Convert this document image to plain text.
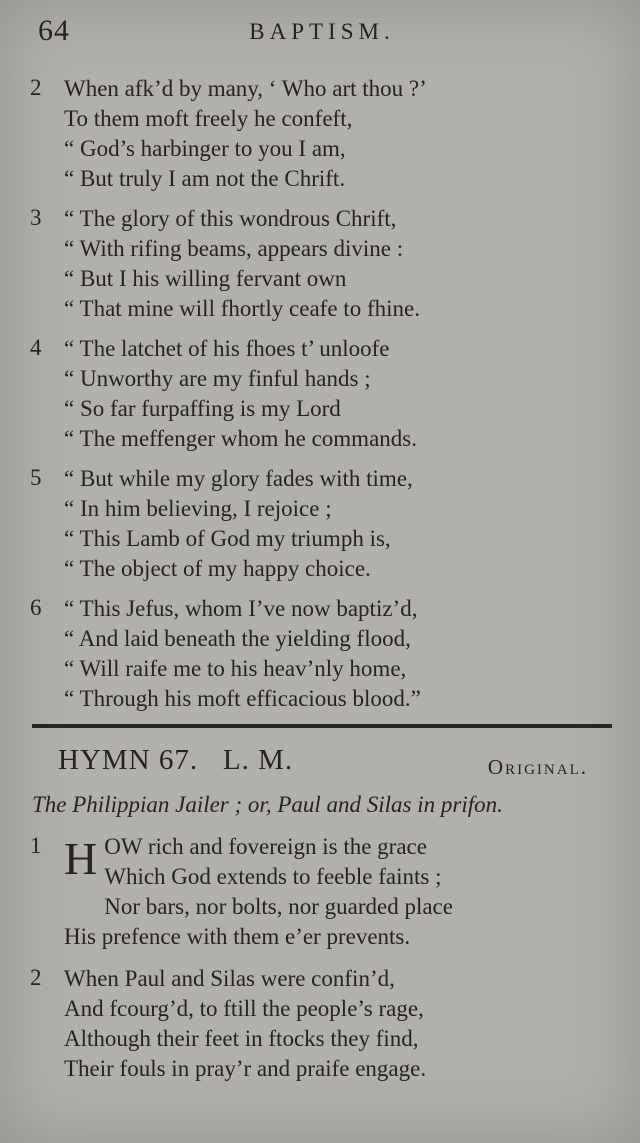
64	BAPTISM.
2 When afk’d by many, ‘ Who art thou ?’
To them moft freely he confeft,
“ God’s harbinger to you I am,
“ But truly I am not the Chrift.
3 “ The glory of this wondrous Chrift,
“ With rifing beams, appears divine :
“ But I his willing fervant own
“ That mine will fhortly ceafe to fhine.
4 “ The latchet of his fhoes t’ unloofe
“ Unworthy are my finful hands ;
“ So far furpaffing is my Lord
“ The meffenger whom he commands.
5 “ But while my glory fades with time,
“ In him believing, I rejoice ;
“ This Lamb of God my triumph is,
“ The object of my happy choice.
6 “ This Jefus, whom I’ve now baptiz’d,
“ And laid beneath the yielding flood,
“ Will raife me to his heav’nly home,
“ Through his moft efficacious blood.”
HYMN 67.   L. M.	Original.
The Philippian Jailer ; or, Paul and Silas in prifon.
1 H OW rich and fovereign is the grace
Which God extends to feeble faints ;
Nor bars, nor bolts, nor guarded place
His prefence with them e’er prevents.
2 When Paul and Silas were confin’d,
And fcourg’d, to ftill the people’s rage,
Although their feet in ftocks they find,
Their fouls in pray’r and praife engage.
